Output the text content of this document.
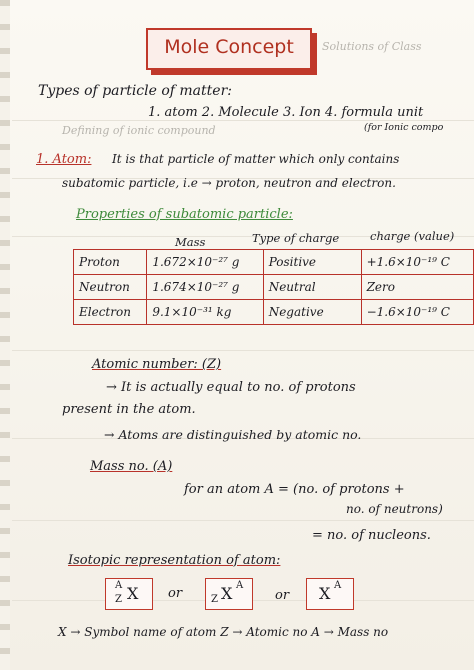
Mole Concept	Solutions of Class
Types of particle of matter:
1. atom 2. Molecule 3. Ion 4. formula unit
(for Ionic compo
Defining of ionic compound
1. Atom: It is that particle of matter which only contains
subatomic particle, i.e → proton, neutron and electron.
Properties of subatomic particle:
Mass	Type of charge	charge (value)
Proton	1.672×10⁻²⁷ g	Positive	+1.6×10⁻¹⁹ C
Neutron	1.674×10⁻²⁷ g	Neutral	Zero
Electron	9.1×10⁻³¹ kg	Negative	−1.6×10⁻¹⁹ C
Atomic number: (Z)
→ It is actually equal to no. of protons
present in the atom.
→ Atoms are distinguished by atomic no.
Mass no. (A)
for an atom A = (no. of protons +
no. of neutrons)
= no. of nucleons.
Isotopic representation of atom:
A
Z X or	Z X A
or X A
X → Symbol name of atom Z → Atomic no A → Mass no
